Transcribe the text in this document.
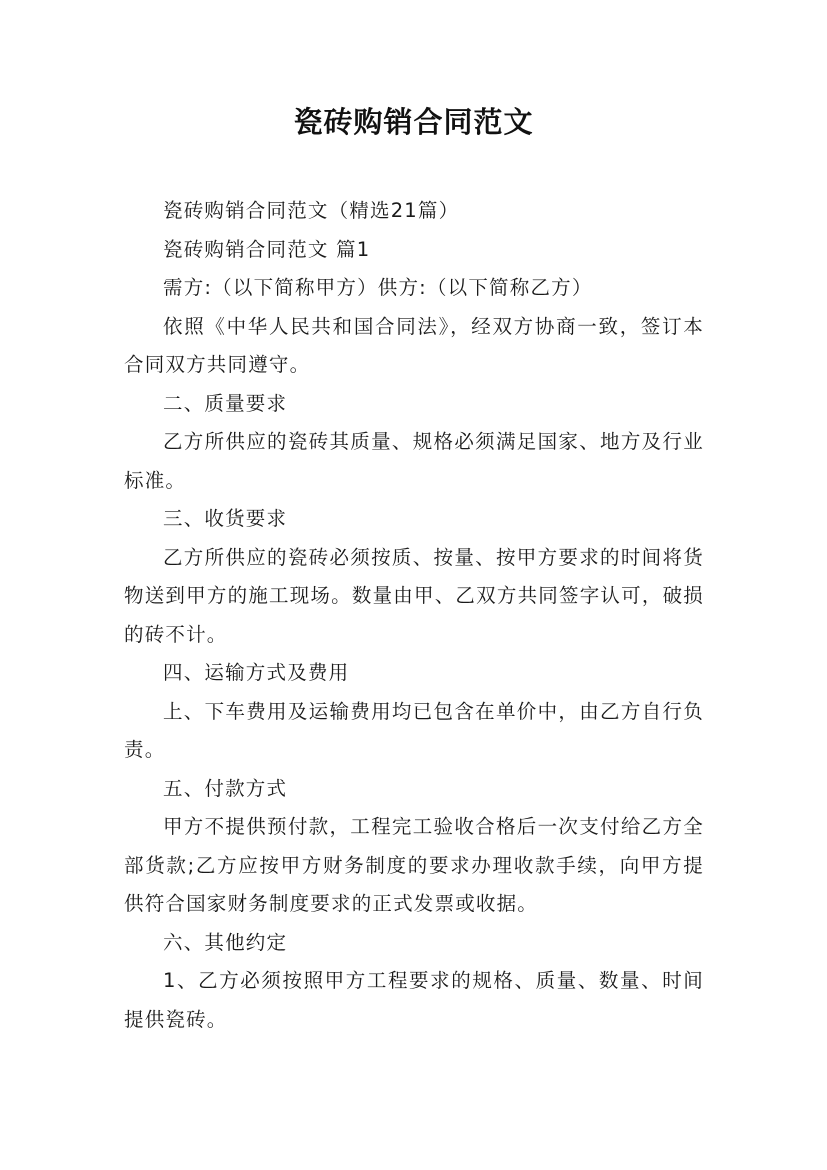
瓷砖购销合同范文

瓷砖购销合同范文（精选21篇）

瓷砖购销合同范文 篇1

需方:（以下简称甲方）供方:（以下简称乙方）

依照《中华人民共和国合同法》，经双方协商一致，签订本合同双方共同遵守。

二、质量要求

乙方所供应的瓷砖其质量、规格必须满足国家、地方及行业标准。

三、收货要求

乙方所供应的瓷砖必须按质、按量、按甲方要求的时间将货物送到甲方的施工现场。数量由甲、乙双方共同签字认可，破损的砖不计。

四、运输方式及费用

上、下车费用及运输费用均已包含在单价中，由乙方自行负责。

五、付款方式

甲方不提供预付款，工程完工验收合格后一次支付给乙方全部货款;乙方应按甲方财务制度的要求办理收款手续，向甲方提供符合国家财务制度要求的正式发票或收据。

六、其他约定

1、乙方必须按照甲方工程要求的规格、质量、数量、时间提供瓷砖。
